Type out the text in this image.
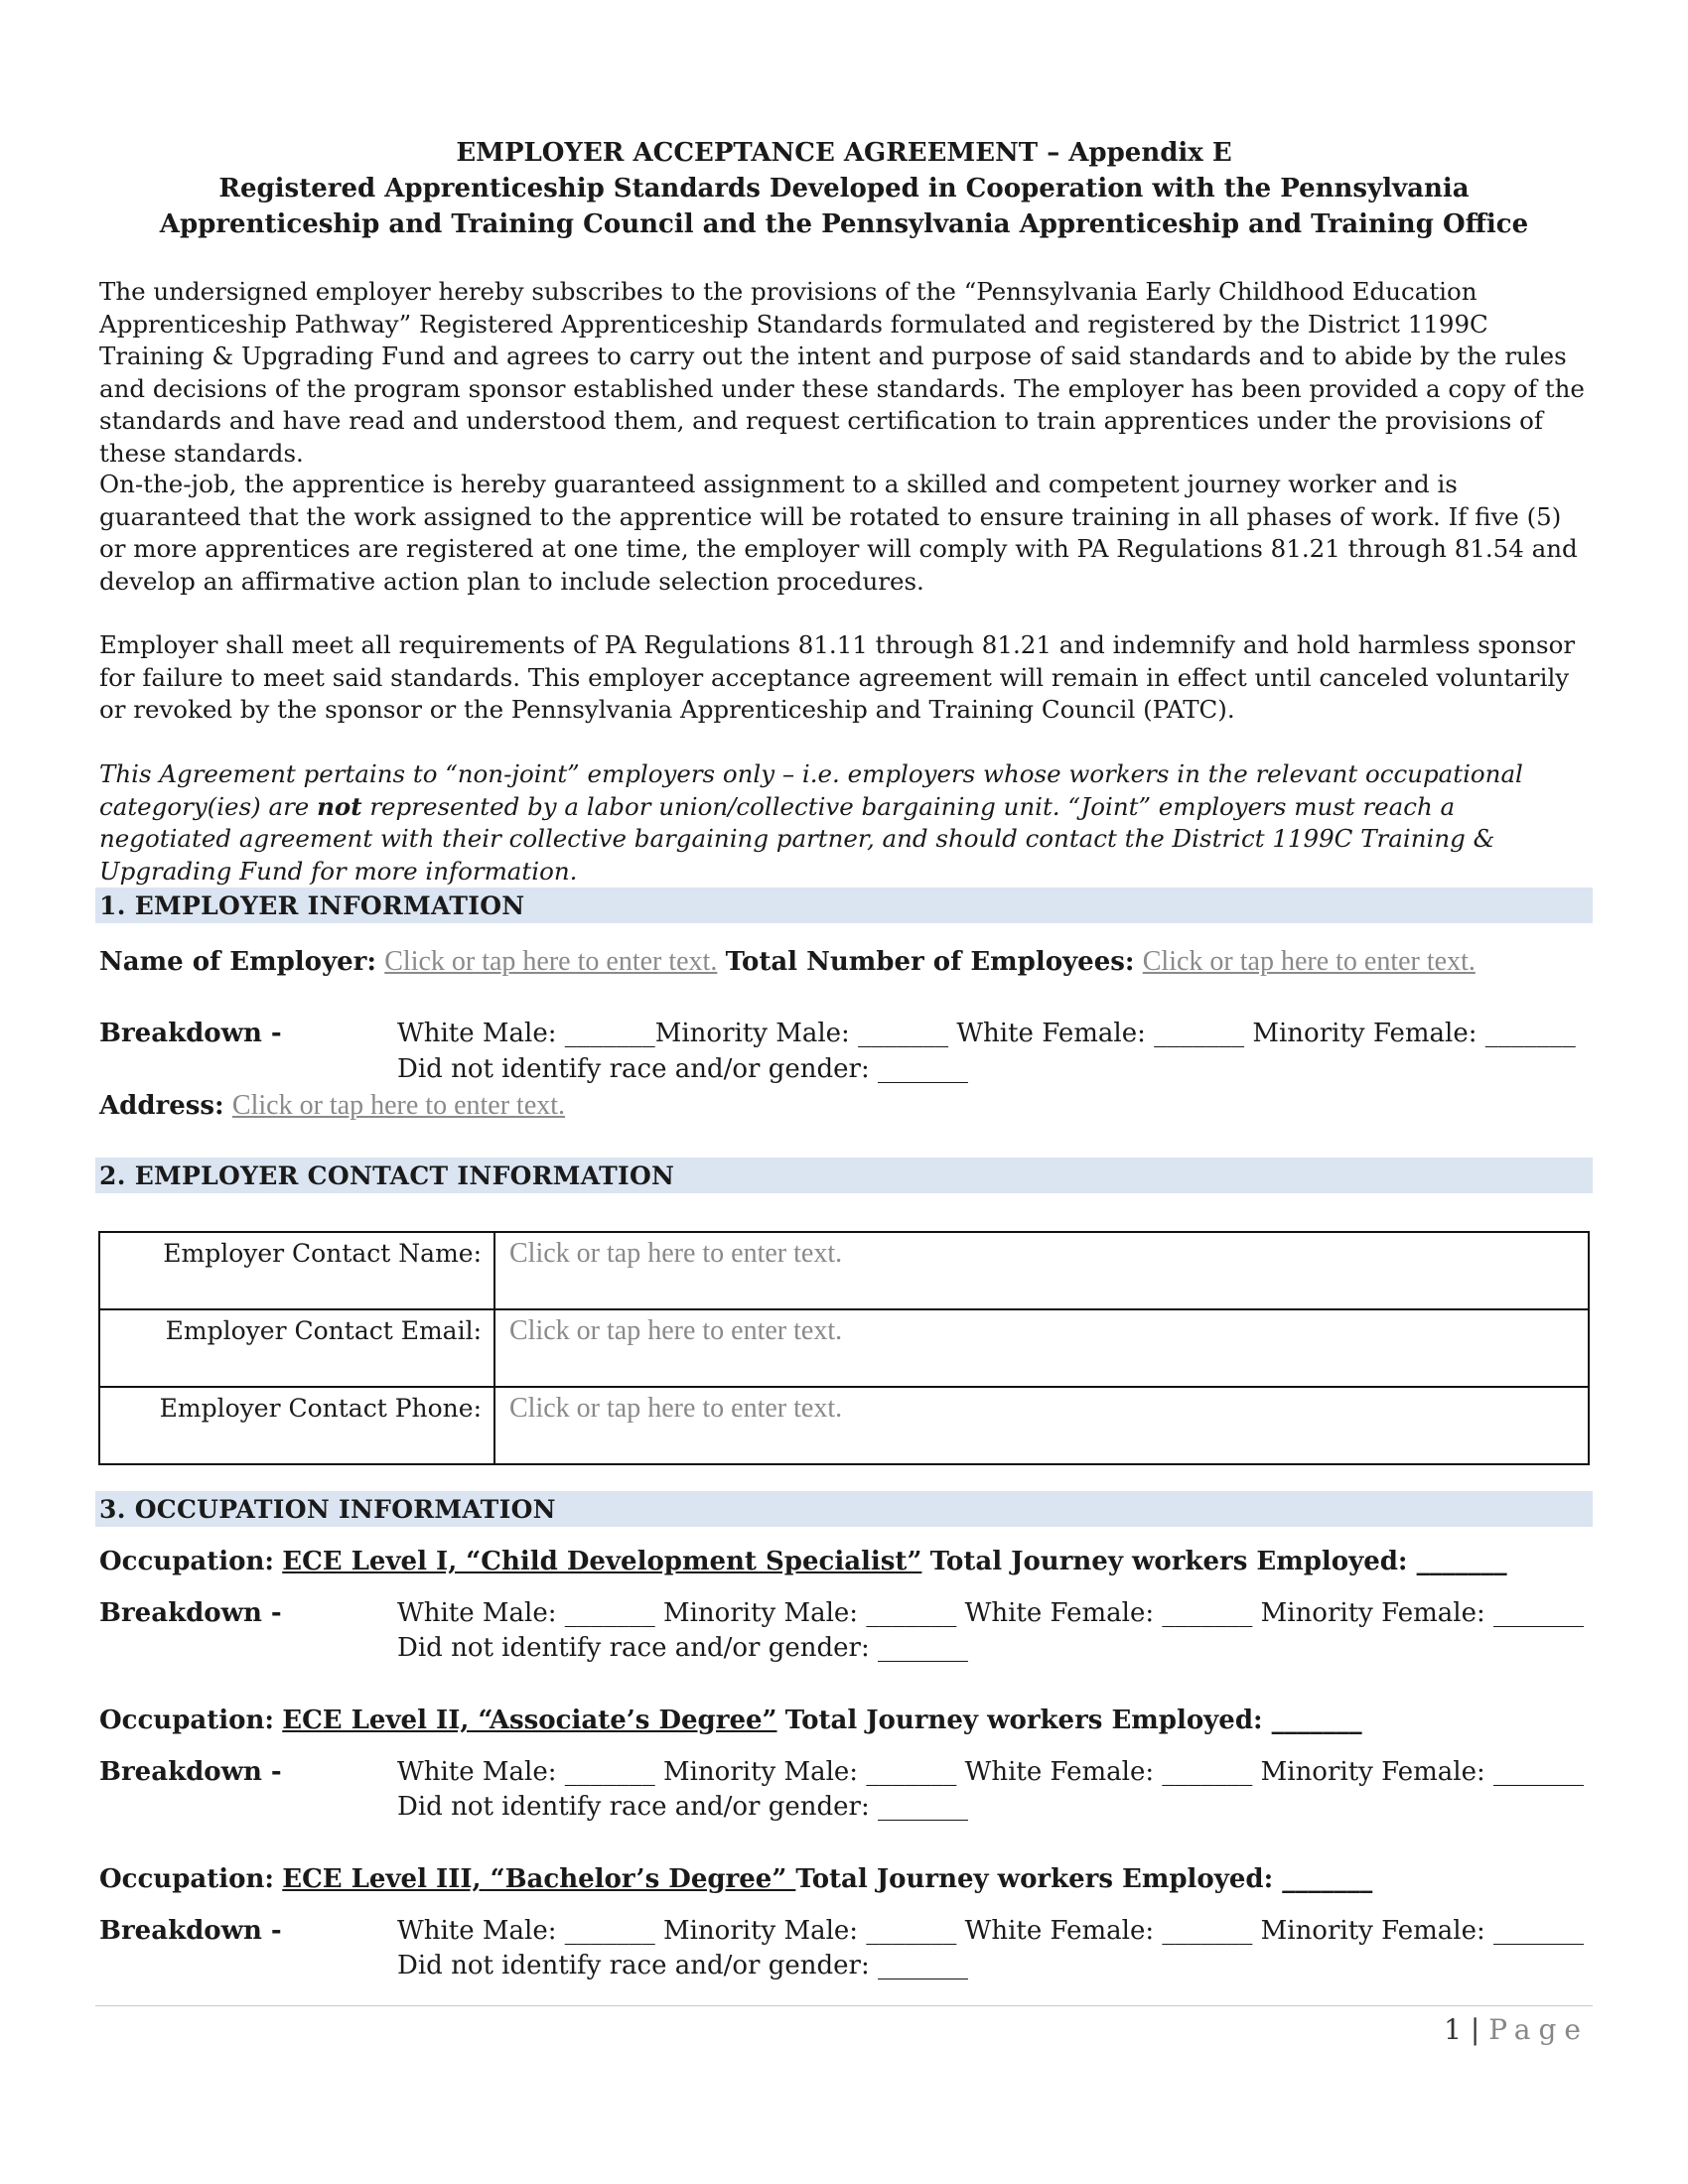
EMPLOYER ACCEPTANCE AGREEMENT – Appendix E
Registered Apprenticeship Standards Developed in Cooperation with the Pennsylvania
Apprenticeship and Training Council and the Pennsylvania Apprenticeship and Training Office
The undersigned employer hereby subscribes to the provisions of the “Pennsylvania Early Childhood Education Apprenticeship Pathway” Registered Apprenticeship Standards formulated and registered by the District 1199C Training & Upgrading Fund and agrees to carry out the intent and purpose of said standards and to abide by the rules and decisions of the program sponsor established under these standards. The employer has been provided a copy of the standards and have read and understood them, and request certification to train apprentices under the provisions of these standards.
On-the-job, the apprentice is hereby guaranteed assignment to a skilled and competent journey worker and is guaranteed that the work assigned to the apprentice will be rotated to ensure training in all phases of work. If five (5) or more apprentices are registered at one time, the employer will comply with PA Regulations 81.21 through 81.54 and develop an affirmative action plan to include selection procedures.
Employer shall meet all requirements of PA Regulations 81.11 through 81.21 and indemnify and hold harmless sponsor for failure to meet said standards. This employer acceptance agreement will remain in effect until canceled voluntarily or revoked by the sponsor or the Pennsylvania Apprenticeship and Training Council (PATC).
This Agreement pertains to “non-joint” employers only – i.e. employers whose workers in the relevant occupational category(ies) are not represented by a labor union/collective bargaining unit. “Joint” employers must reach a negotiated agreement with their collective bargaining partner, and should contact the District 1199C Training & Upgrading Fund for more information.
1. EMPLOYER INFORMATION
Name of Employer: Click or tap here to enter text. Total Number of Employees: Click or tap here to enter text.
Breakdown -	White Male: _______Minority Male: _______ White Female: _______ Minority Female: _______
Did not identify race and/or gender: _______
Address: Click or tap here to enter text.
2. EMPLOYER CONTACT INFORMATION
Employer Contact Name:	Click or tap here to enter text.
Employer Contact Email:	Click or tap here to enter text.
Employer Contact Phone:	Click or tap here to enter text.
3. OCCUPATION INFORMATION
Occupation: ECE Level I, “Child Development Specialist” Total Journey workers Employed: _______
Breakdown -	White Male: _______ Minority Male: _______ White Female: _______ Minority Female: _______
Did not identify race and/or gender: _______
Occupation: ECE Level II, “Associate’s Degree” Total Journey workers Employed: _______
Breakdown -	White Male: _______ Minority Male: _______ White Female: _______ Minority Female: _______
Did not identify race and/or gender: _______
Occupation: ECE Level III, “Bachelor’s Degree” Total Journey workers Employed: _______
Breakdown -	White Male: _______ Minority Male: _______ White Female: _______ Minority Female: _______
Did not identify race and/or gender: _______
1 | Page
